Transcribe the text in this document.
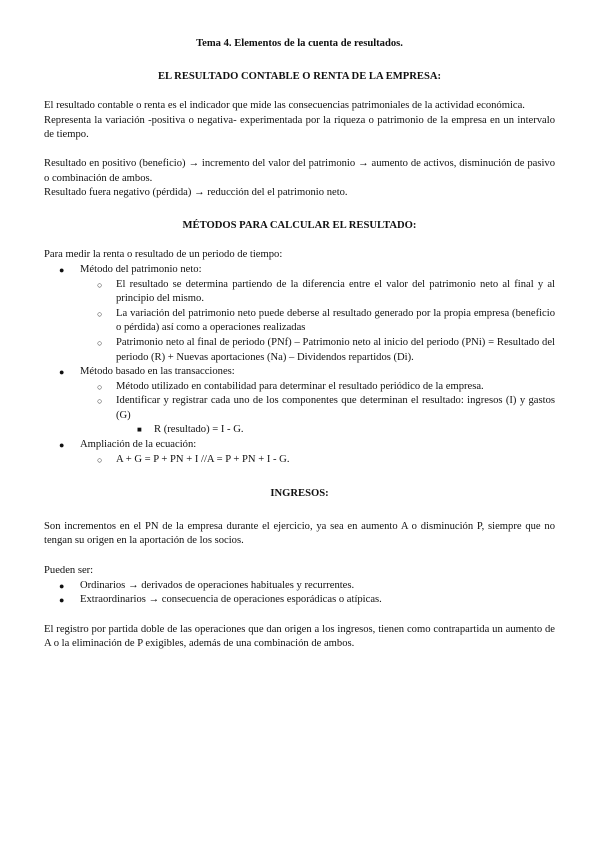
Tema 4. Elementos de la cuenta de resultados.
EL RESULTADO CONTABLE O RENTA DE LA EMPRESA:

El resultado contable o renta es el indicador que mide las consecuencias patrimoniales de la actividad económica.

Representa la variación -positiva o negativa- experimentada por la riqueza o patrimonio de la empresa en un intervalo de tiempo.

Resultado en positivo (beneficio) → incremento del valor del patrimonio → aumento de activos, disminución de pasivo o combinación de ambos.

Resultado fuera negativo (pérdida) → reducción del el patrimonio neto.

MÉTODOS PARA CALCULAR EL RESULTADO:

Para medir la renta o resultado de un periodo de tiempo:

● Método del patrimonio neto:
○ El resultado se determina partiendo de la diferencia entre el valor del patrimonio neto al final y al principio del mismo.
○ La variación del patrimonio neto puede deberse al resultado generado por la propia empresa (beneficio o pérdida) así como a operaciones realizadas
○ Patrimonio neto al final de periodo (PNf) – Patrimonio neto al inicio del periodo (PNi) = Resultado del periodo (R) + Nuevas aportaciones (Na) – Dividendos repartidos (Di).
● Método basado en las transacciones:
○ Método utilizado en contabilidad para determinar el resultado periódico de la empresa.
○ Identificar y registrar cada uno de los componentes que determinan el resultado: ingresos (I) y gastos (G)
■ R (resultado) = I - G.
● Ampliación de la ecuación:
○ A + G = P + PN + I //A = P + PN + I - G.
INGRESOS:

Son incrementos en el PN de la empresa durante el ejercicio, ya sea en aumento A o disminución P, siempre que no tengan su origen en la aportación de los socios.

Pueden ser:

● Ordinarios → derivados de operaciones habituales y recurrentes.
● Extraordinarios → consecuencia de operaciones esporádicas o atípicas.

El registro por partida doble de las operaciones que dan origen a los ingresos, tienen como contrapartida un aumento de A o la eliminación de P exigibles, además de una combinación de ambos.
